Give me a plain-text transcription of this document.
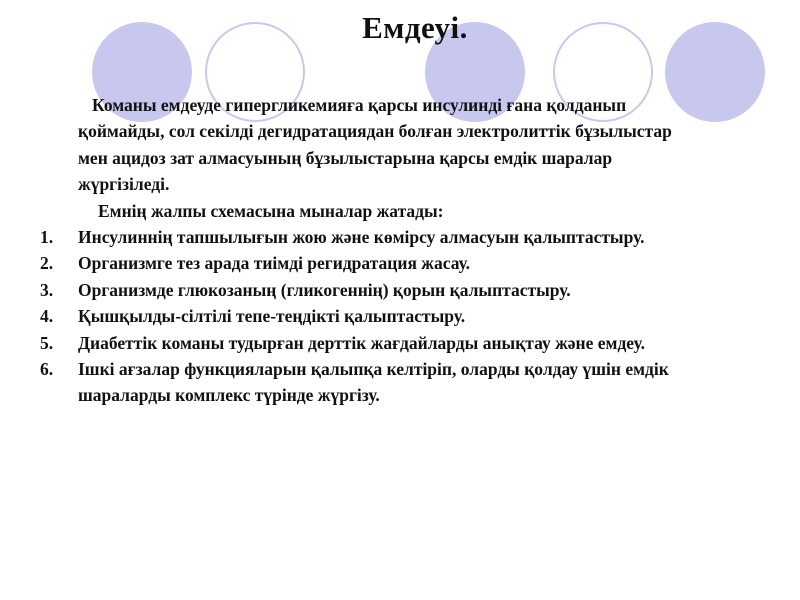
Емдеуі.
Команы емдеуде гипергликемияға қарсы инсулинді ғана қолданып қоймайды, сол секілді дегидратациядан болған электролиттік бұзылыстар мен ацидоз зат алмасуының бұзылыстарына қарсы емдік шаралар жүргізіледі.
Емнің жалпы схемасына мыналар жатады:
1. Инсулиннің тапшылығын жою және көмірсу алмасуын қалыптастыру.
2. Организмге тез арада тиімді регидратация жасау.
3. Организмде глюкозаның (гликогеннің) қорын қалыптастыру.
4. Қышқылды-сілтілі тепе-теңдікті қалыптастыру.
5. Диабеттік команы тудырған дерттік жағдайларды анықтау және емдеу.
6. Ішкі ағзалар функцияларын қалыпқа келтіріп, оларды қолдау үшін емдік шараларды комплекс түрінде жүргізу.
